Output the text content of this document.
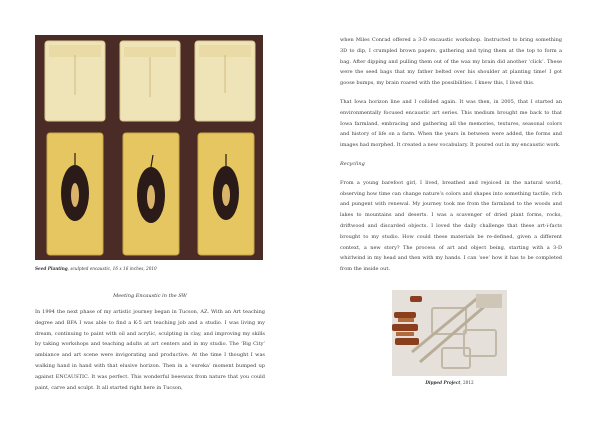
Seed Planting, sculpted encaustic, 16 x 16 inches, 2010
Meeting Encaustic in the SW

In 1994 the next phase of my artistic journey began in Tucson, AZ. With an Art teaching degree and BFA I was able to find a K-5 art teaching job and a studio. I was living my dream, continuing to paint with oil and acrylic, sculpting in clay, and improving my skills by taking workshops and teaching adults at art centers and in my studio. The ‘Big City’ ambiance and art scene were invigorating and productive. At the time I thought I was walking hand in hand with that elusive horizon. Then in a ‘eureka’ moment bumped up against ENCAUSTIC. It was perfect. This wonderful beeswax from nature that you could paint, carve and sculpt. It all started right here in Tucson,

when Miles Conrad offered a 3-D encaustic workshop. Instructed to bring something 3D to dip, I crumpled brown papers, gathering and tying them at the top to form a bag. After dipping and pulling them out of the wax my brain did another ‘click’. These were the seed bags that my father belted over his shoulder at planting time! I got goose bumps, my brain roared with the possibilities. I knew this, I lived this.

That Iowa horizon line and I collided again. It was then, in 2005, that I started an environmentally focused encaustic art series. This medium brought me back to that Iowa farmland, embracing and gathering all the memories, textures, seasonal colors and history of life on a farm. When the years in between were added, the forms and images had morphed. It created a new vocabulary. It poured out in my encaustic work.

Recycling

From a young barefoot girl, I lived, breathed and rejoiced in the natural world, observing how time can change nature’s colors and shapes into something tactile, rich and pungent with renewal. My journey took me from the farmland to the woods and lakes to mountains and deserts. I was a scavenger of dried plant forms, rocks, driftwood and discarded objects. I loved the daily challenge that these art-i-facts brought to my studio. How could these materials be re-defined, given a different context, a new story? The process of art and object being, starting with a 3-D whirlwind in my head and then with my hands. I can ‘see’ how it has to be completed from the inside out.

Dipped Project, 2012
